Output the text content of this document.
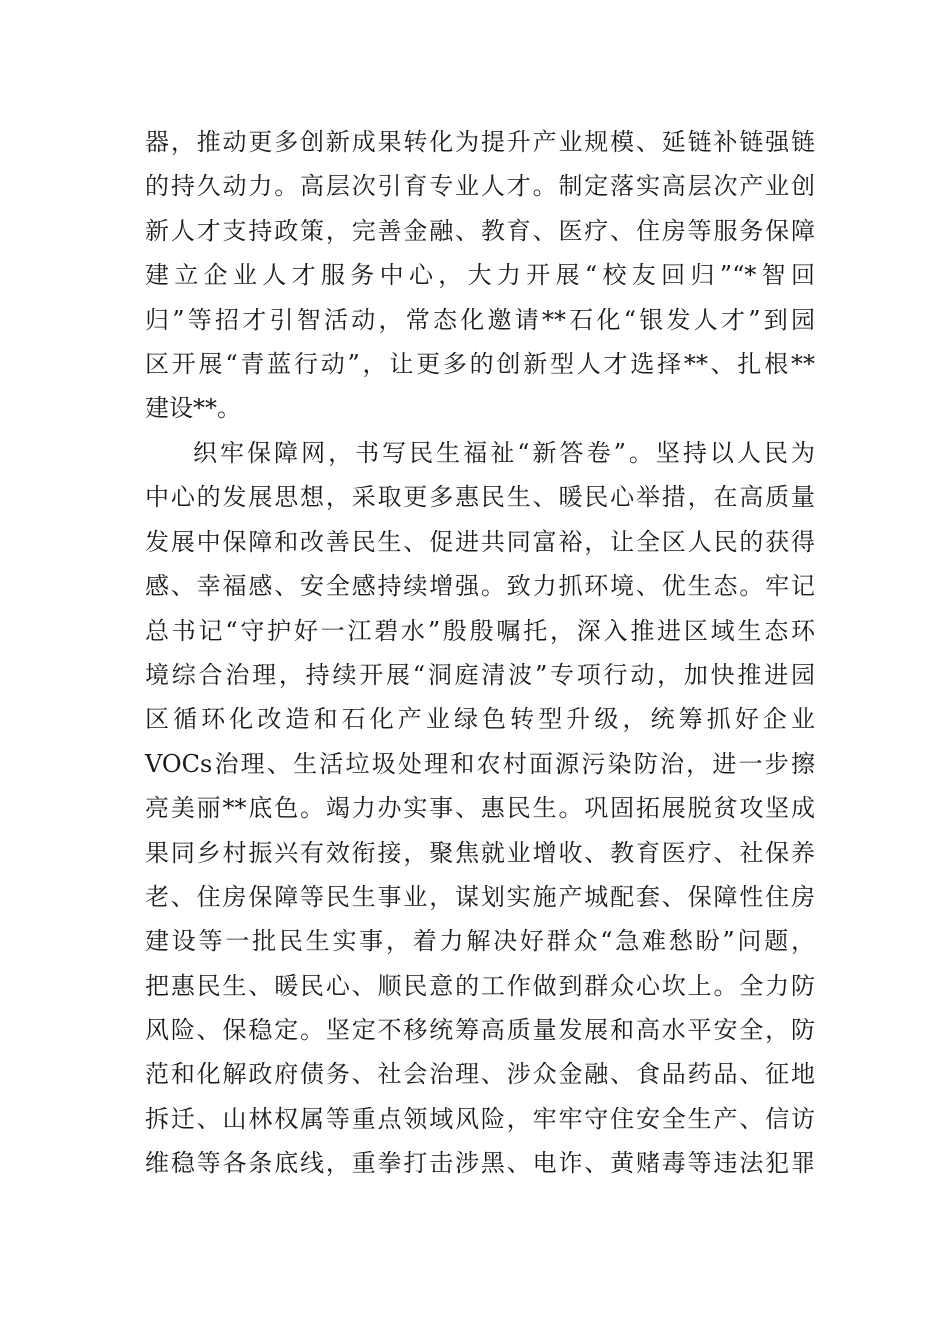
器，推动更多创新成果转化为提升产业规模、延链补链强链
的持久动力。高层次引育专业人才。制定落实高层次产业创
新人才支持政策，完善金融、教育、医疗、住房等服务保障
建立企业人才服务中心，大力开展“校友回归”“*智回
归”等招才引智活动，常态化邀请**石化“银发人才”到园
区开展“青蓝行动”，让更多的创新型人才选择**、扎根**
建设**。
织牢保障网，书写民生福祉“新答卷”。坚持以人民为
中心的发展思想，采取更多惠民生、暖民心举措，在高质量
发展中保障和改善民生、促进共同富裕，让全区人民的获得
感、幸福感、安全感持续增强。致力抓环境、优生态。牢记
总书记“守护好一江碧水”殷殷嘱托，深入推进区域生态环
境综合治理，持续开展“洞庭清波”专项行动，加快推进园
区循环化改造和石化产业绿色转型升级，统筹抓好企业
VOCs治理、生活垃圾处理和农村面源污染防治，进一步擦
亮美丽**底色。竭力办实事、惠民生。巩固拓展脱贫攻坚成
果同乡村振兴有效衔接，聚焦就业增收、教育医疗、社保养
老、住房保障等民生事业，谋划实施产城配套、保障性住房
建设等一批民生实事，着力解决好群众“急难愁盼”问题，
把惠民生、暖民心、顺民意的工作做到群众心坎上。全力防
风险、保稳定。坚定不移统筹高质量发展和高水平安全，防
范和化解政府债务、社会治理、涉众金融、食品药品、征地
拆迁、山林权属等重点领域风险，牢牢守住安全生产、信访
维稳等各条底线，重拳打击涉黑、电诈、黄赌毒等违法犯罪
